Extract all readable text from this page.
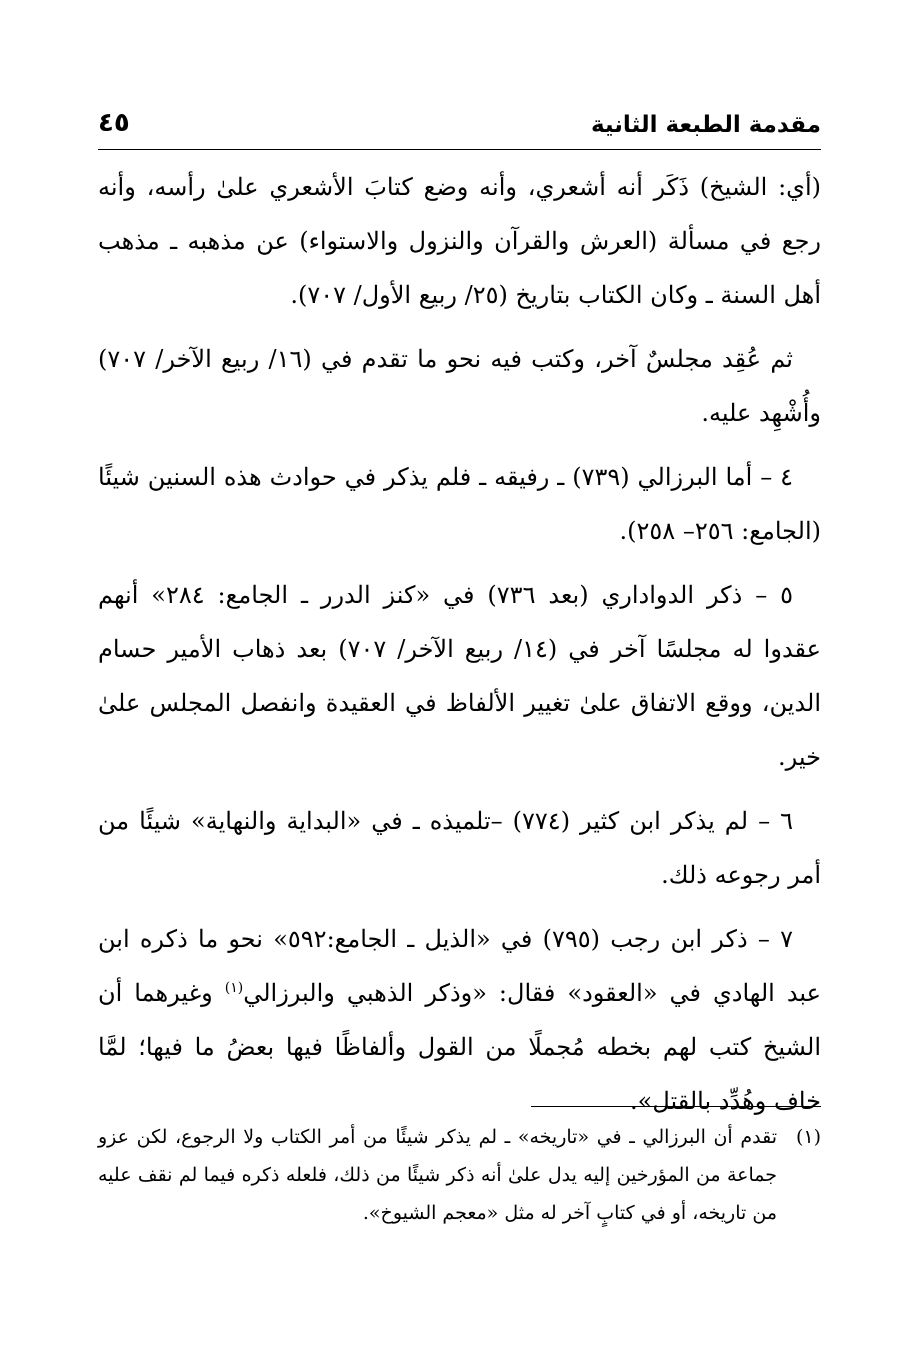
مقدمة الطبعة الثانية
٤٥

(أي: الشيخ) ذَكَر أنه أشعري، وأنه وضع كتابَ الأشعري علىٰ رأسه، وأنه رجع في مسألة (العرش والقرآن والنزول والاستواء) عن مذهبه ـ مذهب أهل السنة ـ وكان الكتاب بتاريخ (٢٥/ ربيع الأول/ ٧٠٧).

ثم عُقِد مجلسٌ آخر، وكتب فيه نحو ما تقدم في (١٦/ ربيع الآخر/ ٧٠٧) وأُشْهِد عليه.

٤ – أما البرزالي (٧٣٩) ـ رفيقه ـ فلم يذكر في حوادث هذه السنين شيئًا (الجامع: ٢٥٦– ٢٥٨).

٥ – ذكر الدواداري (بعد ٧٣٦) في «كنز الدرر ـ الجامع: ٢٨٤» أنهم عقدوا له مجلسًا آخر في (١٤/ ربيع الآخر/ ٧٠٧) بعد ذهاب الأمير حسام الدين، ووقع الاتفاق علىٰ تغيير الألفاظ في العقيدة وانفصل المجلس علىٰ خير.

٦ – لم يذكر ابن كثير (٧٧٤) –تلميذه ـ في «البداية والنهاية» شيئًا من أمر رجوعه ذلك.

٧ – ذكر ابن رجب (٧٩٥) في «الذيل ـ الجامع:٥٩٢» نحو ما ذكره ابن عبد الهادي في «العقود» فقال: «وذكر الذهبي والبرزالي$^{(١)}$ وغيرهما أن الشيخ كتب لهم بخطه مُجملًا من القول وألفاظًا فيها بعضُ ما فيها؛ لمَّا خاف وهُدِّد بالقتل».

(١)
تقدم أن البرزالي ـ في «تاريخه» ـ لم يذكر شيئًا من أمر الكتاب ولا الرجوع، لكن عزو جماعة من المؤرخين إليه يدل علىٰ أنه ذكر شيئًا من ذلك، فلعله ذكره فيما لم نقف عليه من تاريخه، أو في كتابٍ آخر له مثل «معجم الشيوخ».
